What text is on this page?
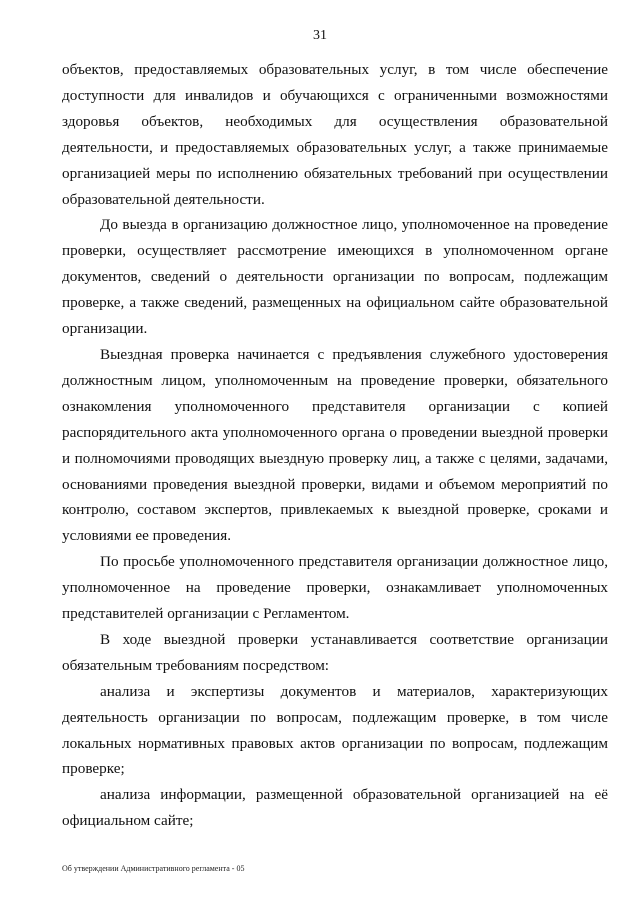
31

объектов, предоставляемых образовательных услуг, в том числе обеспечение доступности для инвалидов и обучающихся с ограниченными возможностями здоровья объектов, необходимых для осуществления образовательной деятельности, и предоставляемых образовательных услуг, а также принимаемые организацией меры по исполнению обязательных требований при осуществлении образовательной деятельности.

До выезда в организацию должностное лицо, уполномоченное на проведение проверки, осуществляет рассмотрение имеющихся в уполномоченном органе документов, сведений о деятельности организации по вопросам, подлежащим проверке, а также сведений, размещенных на официальном сайте образовательной организации.

Выездная проверка начинается с предъявления служебного удостоверения должностным лицом, уполномоченным на проведение проверки, обязательного ознакомления уполномоченного представителя организации с копией распорядительного акта уполномоченного органа о проведении выездной проверки и полномочиями проводящих выездную проверку лиц, а также с целями, задачами, основаниями проведения выездной проверки, видами и объемом мероприятий по контролю, составом экспертов, привлекаемых к выездной проверке, сроками и условиями ее проведения.

По просьбе уполномоченного представителя организации должностное лицо, уполномоченное на проведение проверки, ознакамливает уполномоченных представителей организации с Регламентом.

В ходе выездной проверки устанавливается соответствие организации обязательным требованиям посредством:

анализа и экспертизы документов и материалов, характеризующих деятельность организации по вопросам, подлежащим проверке, в том числе локальных нормативных правовых актов организации по вопросам, подлежащим проверке;

анализа информации, размещенной образовательной организацией на её официальном сайте;

Об утверждении Административного регламента - 05
